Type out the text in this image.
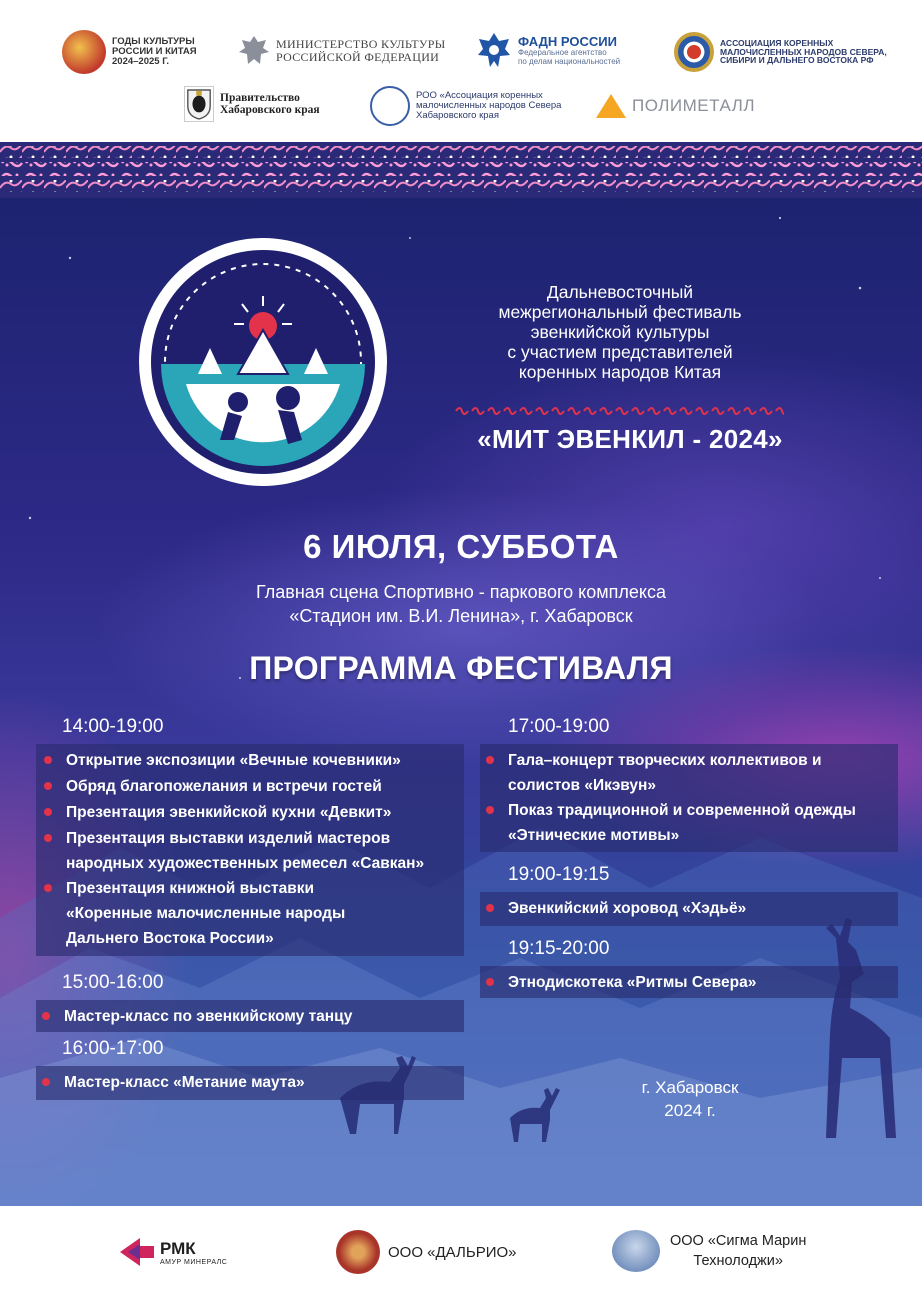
ГОДЫ КУЛЬТУРЫ
РОССИИ И КИТАЯ
2024–2025 Г.
МИНИСТЕРСТВО КУЛЬТУРЫ
РОССИЙСКОЙ ФЕДЕРАЦИИ
ФАДН РОССИИ
Федеральное агентство
по делам национальностей
АССОЦИАЦИЯ КОРЕННЫХ
МАЛОЧИСЛЕННЫХ НАРОДОВ СЕВЕРА,
СИБИРИ И ДАЛЬНЕГО ВОСТОКА РФ
Правительство
Хабаровского края
РОО «Ассоциация коренных
малочисленных народов Севера
Хабаровского края
ПОЛИМЕТАЛЛ
Дальневосточный
межрегиональный фестиваль
эвенкийской культуры
с участием представителей
коренных народов Китая
«МИТ ЭВЕНКИЛ - 2024»
6 ИЮЛЯ, СУББОТА
Главная сцена Спортивно - паркового комплекса
«Стадион им. В.И. Ленина», г. Хабаровск
ПРОГРАММА ФЕСТИВАЛЯ
14:00-19:00
Открытие экспозиции «Вечные кочевники»
Обряд благопожелания и встречи гостей
Презентация эвенкийской кухни «Девкит»
Презентация выставки изделий мастеров
народных художественных ремесел «Савкан»
Презентация книжной выставки
«Коренные малочисленные народы
Дальнего Востока России»
15:00-16:00
Мастер-класс по эвенкийскому танцу
16:00-17:00
Мастер-класс «Метание маута»
17:00-19:00
Гала–концерт творческих коллективов и
солистов «Икэвун»
Показ традиционной и современной одежды
«Этнические мотивы»
19:00-19:15
Эвенкийский хоровод «Хэдьё»
19:15-20:00
Этнодискотека «Ритмы Севера»
г. Хабаровск
2024 г.
РМК
АМУР МИНЕРАЛС
ООО «ДАЛЬРИО»
ООО «Сигма Марин
Технолоджи»
